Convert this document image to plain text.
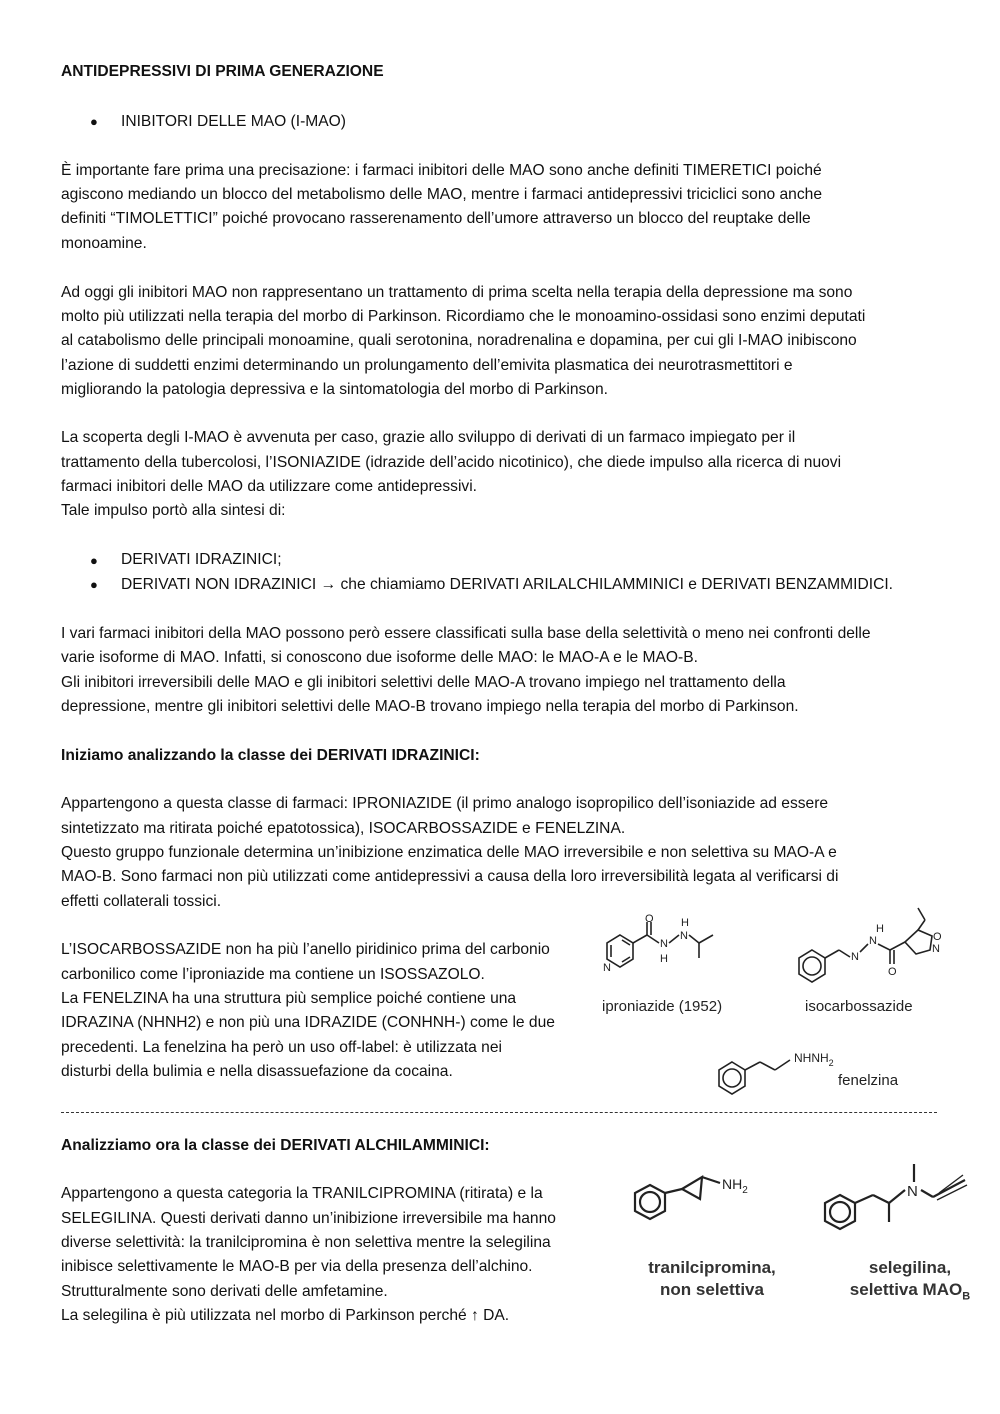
ANTIDEPRESSIVI DI PRIMA GENERAZIONE
● INIBITORI DELLE MAO (I-MAO)
È importante fare prima una precisazione: i farmaci inibitori delle MAO sono anche definiti TIMERETICI poiché
agiscono mediando un blocco del metabolismo delle MAO, mentre i farmaci antidepressivi triciclici sono anche
definiti “TIMOLETTICI” poiché provocano rasserenamento dell’umore attraverso un blocco del reuptake delle
monoamine.
Ad oggi gli inibitori MAO non rappresentano un trattamento di prima scelta nella terapia della depressione ma sono
molto più utilizzati nella terapia del morbo di Parkinson. Ricordiamo che le monoamino-ossidasi sono enzimi deputati
al catabolismo delle principali monoamine, quali serotonina, noradrenalina e dopamina, per cui gli I-MAO inibiscono
l’azione di suddetti enzimi determinando un prolungamento dell’emivita plasmatica dei neurotrasmettitori e
migliorando la patologia depressiva e la sintomatologia del morbo di Parkinson.
La scoperta degli I-MAO è avvenuta per caso, grazie allo sviluppo di derivati di un farmaco impiegato per il
trattamento della tubercolosi, l’ISONIAZIDE (idrazide dell’acido nicotinico), che diede impulso alla ricerca di nuovi
farmaci inibitori delle MAO da utilizzare come antidepressivi.
Tale impulso portò alla sintesi di:
● DERIVATI IDRAZINICI;
● DERIVATI NON IDRAZINICI → che chiamiamo DERIVATI ARILALCHILAMMINICI e DERIVATI BENZAMMIDICI.
I vari farmaci inibitori della MAO possono però essere classificati sulla base della selettività o meno nei confronti delle
varie isoforme di MAO. Infatti, si conoscono due isoforme delle MAO: le MAO-A e le MAO-B.
Gli inibitori irreversibili delle MAO e gli inibitori selettivi delle MAO-A trovano impiego nel trattamento della
depressione, mentre gli inibitori selettivi delle MAO-B trovano impiego nella terapia del morbo di Parkinson.
Iniziamo analizzando la classe dei DERIVATI IDRAZINICI:
Appartengono a questa classe di farmaci: IPRONIAZIDE (il primo analogo isopropilico dell’isoniazide ad essere
sintetizzato ma ritirata poiché epatotossica), ISOCARBOSSAZIDE e FENELZINA.
Questo gruppo funzionale determina un’inibizione enzimatica delle MAO irreversibile e non selettiva su MAO-A e
MAO-B. Sono farmaci non più utilizzati come antidepressivi a causa della loro irreversibilità legata al verificarsi di
effetti collaterali tossici.
L’ISOCARBOSSAZIDE non ha più l’anello piridinico prima del carbonio
carbonilico come l’iproniazide ma contiene un ISOSSAZOLO.
La FENELZINA ha una struttura più semplice poiché contiene una
IDRAZINA (NHNH2) e non più una IDRAZIDE (CONHNH-) come le due
precedenti. La fenelzina ha però un uso off-label: è utilizzata nei
disturbi della bulimia e nella disassuefazione da cocaina.
N
O
N
H
N
H
iproniazide (1952)
N
N
H
O
N
O
isocarbossazide
$NHNH_2$
fenelzina
Analizziamo ora la classe dei DERIVATI ALCHILAMMINICI:
Appartengono a questa categoria la TRANILCIPROMINA (ritirata) e la
SELEGILINA. Questi derivati danno un’inibizione irreversibile ma hanno
diverse selettività: la tranilcipromina è non selettiva mentre la selegilina
inibisce selettivamente le MAO-B per via della presenza dell’alchino.
Strutturalmente sono derivati delle amfetamine.
La selegilina è più utilizzata nel morbo di Parkinson perché ↑ DA.
$NH_2$
tranilcipromina,
non selettiva
N
selegilina,
selettiva $MAO_B$
